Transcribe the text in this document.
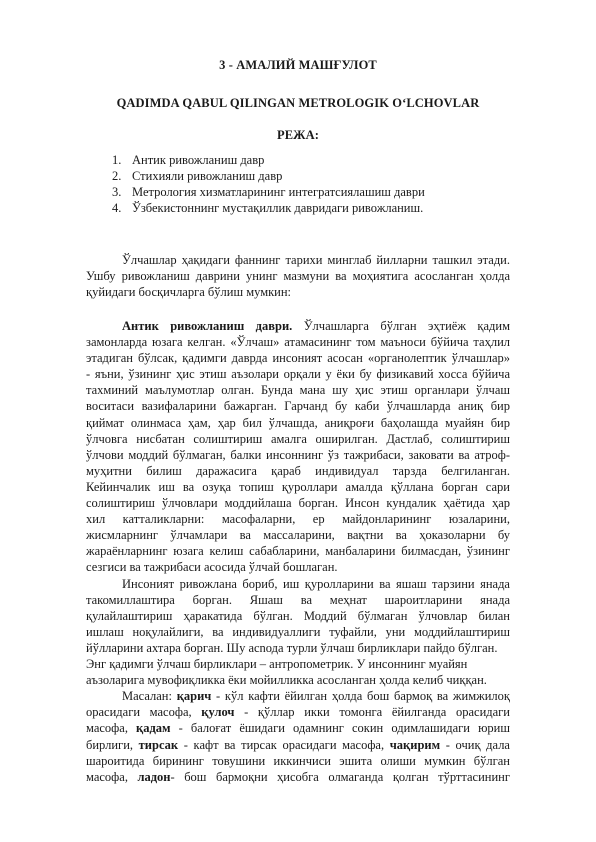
3 - АМАЛИЙ МАШҒУЛОТ

QADIMDA QABUL QILINGAN METROLOGIK O‘LCHOVLAR

РЕЖА:

1. Антик ривожланиш давр
2. Стихияли ривожланиш давр
3. Метрология хизматларининг интегратсиялашиш даври
4. Ўзбекистоннинг мустақиллик давридаги ривожланиш.
Ўлчашлар ҳақидаги фаннинг тарихи минглаб йилларни ташкил этади.
Ушбу ривожланиш даврини унинг мазмуни ва моҳиятига асосланган ҳолда
қуйидаги босқичларга бўлиш мумкин:
Антик ривожланиш даври. Ўлчашларга бўлган эҳтиёж қадим
замонларда юзага келган. «Ўлчаш» атамасининг том маъноси бўйича таҳлил
этадиган бўлсак, қадимги даврда инсоният асосан «органолептик ўлчашлар»
- яъни, ўзининг ҳис этиш аъзолари орқали у ёки бу физикавий хосса бўйича
тахминий маълумотлар олган. Бунда мана шу ҳис этиш органлари ўлчаш
воситаси вазифаларини бажарган. Гарчанд бу каби ўлчашларда аниқ бир
қиймат олинмаса ҳам, ҳар бил ўлчашда, аниқроғи баҳолашда муайян бир
ўлчовга нисбатан солиштириш амалга оширилган. Дастлаб, солиштириш
ўлчови моддий бўлмаган, балки инсоннинг ўз тажрибаси, заковати ва атроф-
муҳитни билиш даражасига қараб индивидуал тарзда белгиланган.
Кейинчалик иш ва озуқа топиш қуроллари амалда қўллана борган сари
солиштириш ўлчовлари моддийлаша борган. Инсон кундалик ҳаётида ҳар
хил катталикларни: масофаларни, ер майдонларининг юзаларини,
жисмларнинг ўлчамлари ва массаларини, вақтни ва ҳоказоларни бу
жараёнларнинг юзага келиш сабабларини, манбаларини билмасдан, ўзининг
сезгиси ва тажрибаси асосида ўлчай бошлаган.
Инсоният ривожлана бориб, иш қуролларини ва яшаш тарзини янада
такомиллаштира борган. Яшаш ва меҳнат шароитларини янада
қулайлаштириш ҳаракатида бўлган. Моддий бўлмаган ўлчовлар билан
ишлаш ноқулайлиги, ва индивидуаллиги туфайли, уни моддийлаштириш
йўлларини ахтара борган. Шу асnода турли ўлчаш бирликлари пайдо бўлган.
Энг қадимги ўлчаш бирликлари – антропометрик. У инсоннинг муайян
аъзоларига мувофиқликка ёки мойилликка асосланган ҳолда келиб чиққан.
Масалан: қарич - кўл кафти ёйилган ҳолда бош бармоқ ва жимжилоқ
орасидаги масофа, қулоч - қўллар икки томонга ёйилганда орасидаги
масофа, қадам - балоғат ёшидаги одамнинг сокин одимлашидаги юриш
бирлиги, тирсак - кафт ва тирсак орасидаги масофа, чақирим - очиқ дала
шароитида бирининг товушини иккинчиси эшита олиши мумкин бўлган
масофа, ладон- бош бармоқни ҳисобга олмаганда қолган тўрттасининг
